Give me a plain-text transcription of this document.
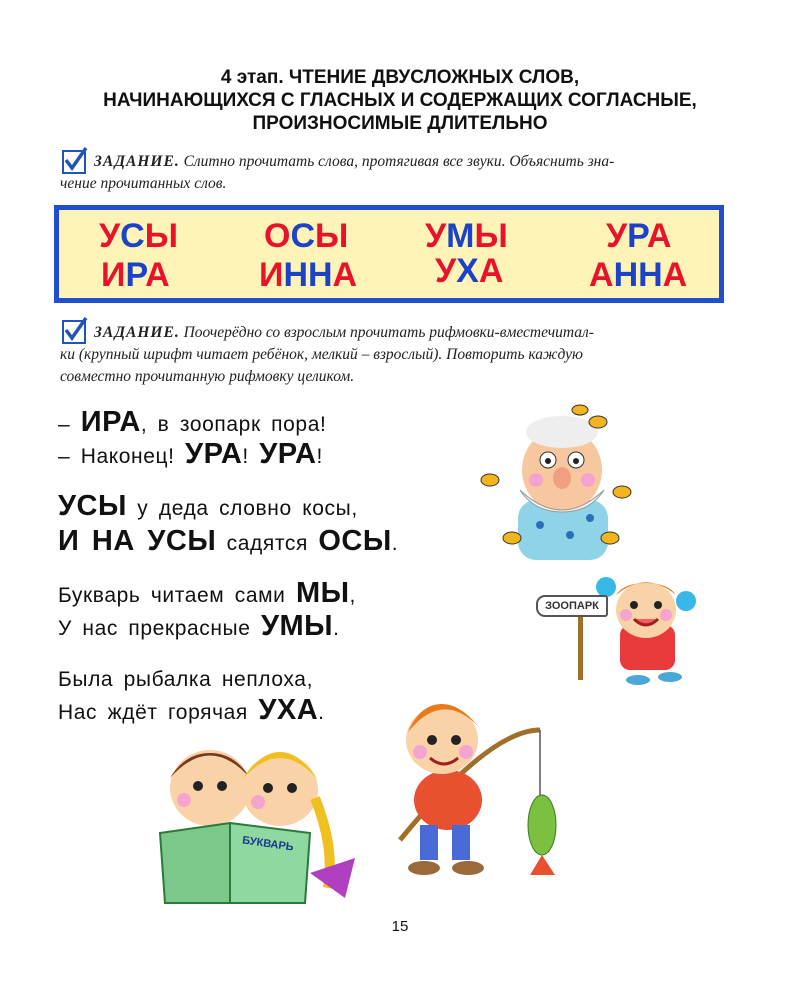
4 этап. ЧТЕНИЕ ДВУСЛОЖНЫХ СЛОВ,
НАЧИНАЮЩИХСЯ С ГЛАСНЫХ И СОДЕРЖАЩИХ СОГЛАСНЫЕ,
ПРОИЗНОСИМЫЕ ДЛИТЕЛЬНО
ЗАДАНИЕ. Слитно прочитать слова, протягивая все звуки. Объяснить зна-
чение прочитанных слов.
УСЫ	ОСЫ УМЫ	УРА
ИРА	ИННА УХА	АННА
ЗАДАНИЕ. Поочерёдно со взрослым прочитать рифмовки-вместечитал-
ки (крупный шрифт читает ребёнок, мелкий – взрослый). Повторить каждую
совместно прочитанную рифмовку целиком.
– ИРА, в зоопарк пора!
– Наконец! УРА! УРА!
УСЫ у деда словно косы,
И НА УСЫ садятся ОСЫ.
Букварь читаем сами МЫ,
У нас прекрасные УМЫ.
Была рыбалка неплоха,
Нас ждёт горячая УХА.
ЗООПАРК
БУКВАРЬ
15
